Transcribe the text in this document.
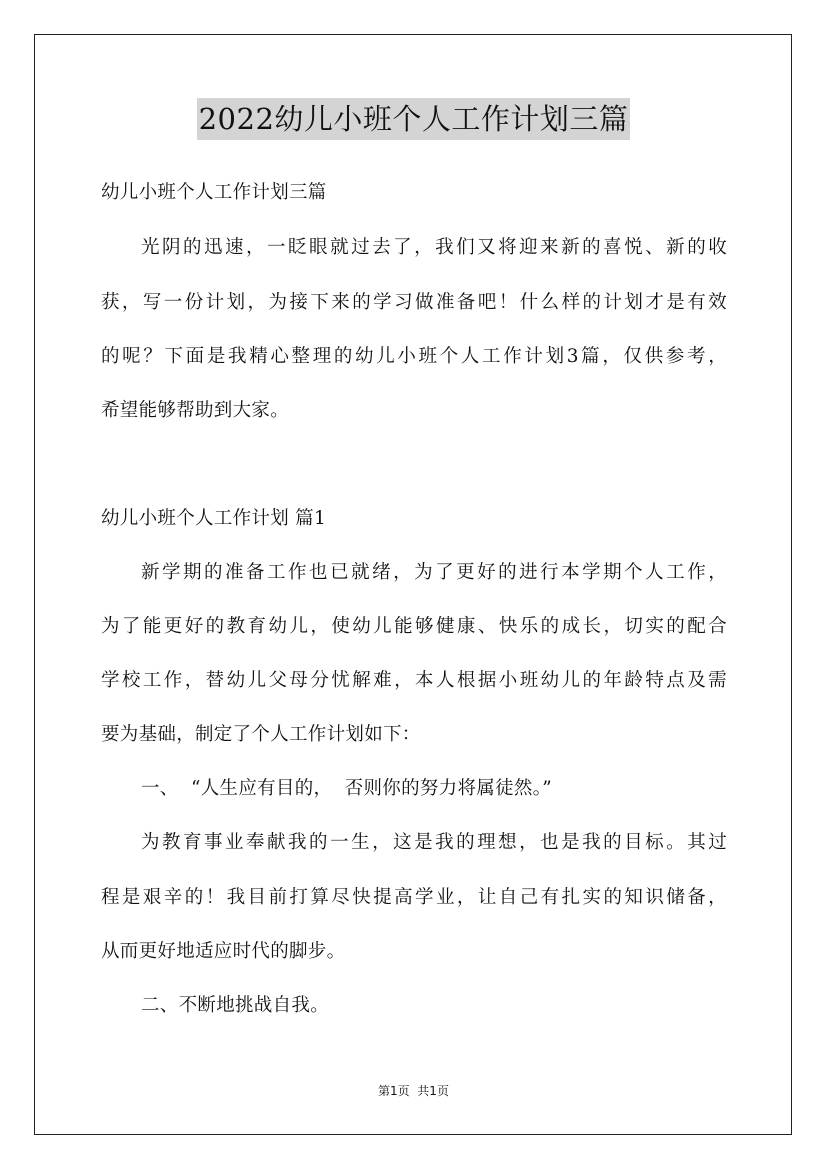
2022幼儿小班个人工作计划三篇
幼儿小班个人工作计划三篇
光阴的迅速，一眨眼就过去了，我们又将迎来新的喜悦、新的收
获，写一份计划，为接下来的学习做准备吧！什么样的计划才是有效
的呢？下面是我精心整理的幼儿小班个人工作计划3篇，仅供参考，
希望能够帮助到大家。
幼儿小班个人工作计划 篇1
新学期的准备工作也已就绪，为了更好的进行本学期个人工作，
为了能更好的教育幼儿，使幼儿能够健康、快乐的成长，切实的配合
学校工作，替幼儿父母分忧解难，本人根据小班幼儿的年龄特点及需
要为基础，制定了个人工作计划如下：
一、  “人生应有目的，  否则你的努力将属徒然。”
为教育事业奉献我的一生，这是我的理想，也是我的目标。其过
程是艰辛的！我目前打算尽快提高学业，让自己有扎实的知识储备，
从而更好地适应时代的脚步。
二、不断地挑战自我。
第1页  共1页
